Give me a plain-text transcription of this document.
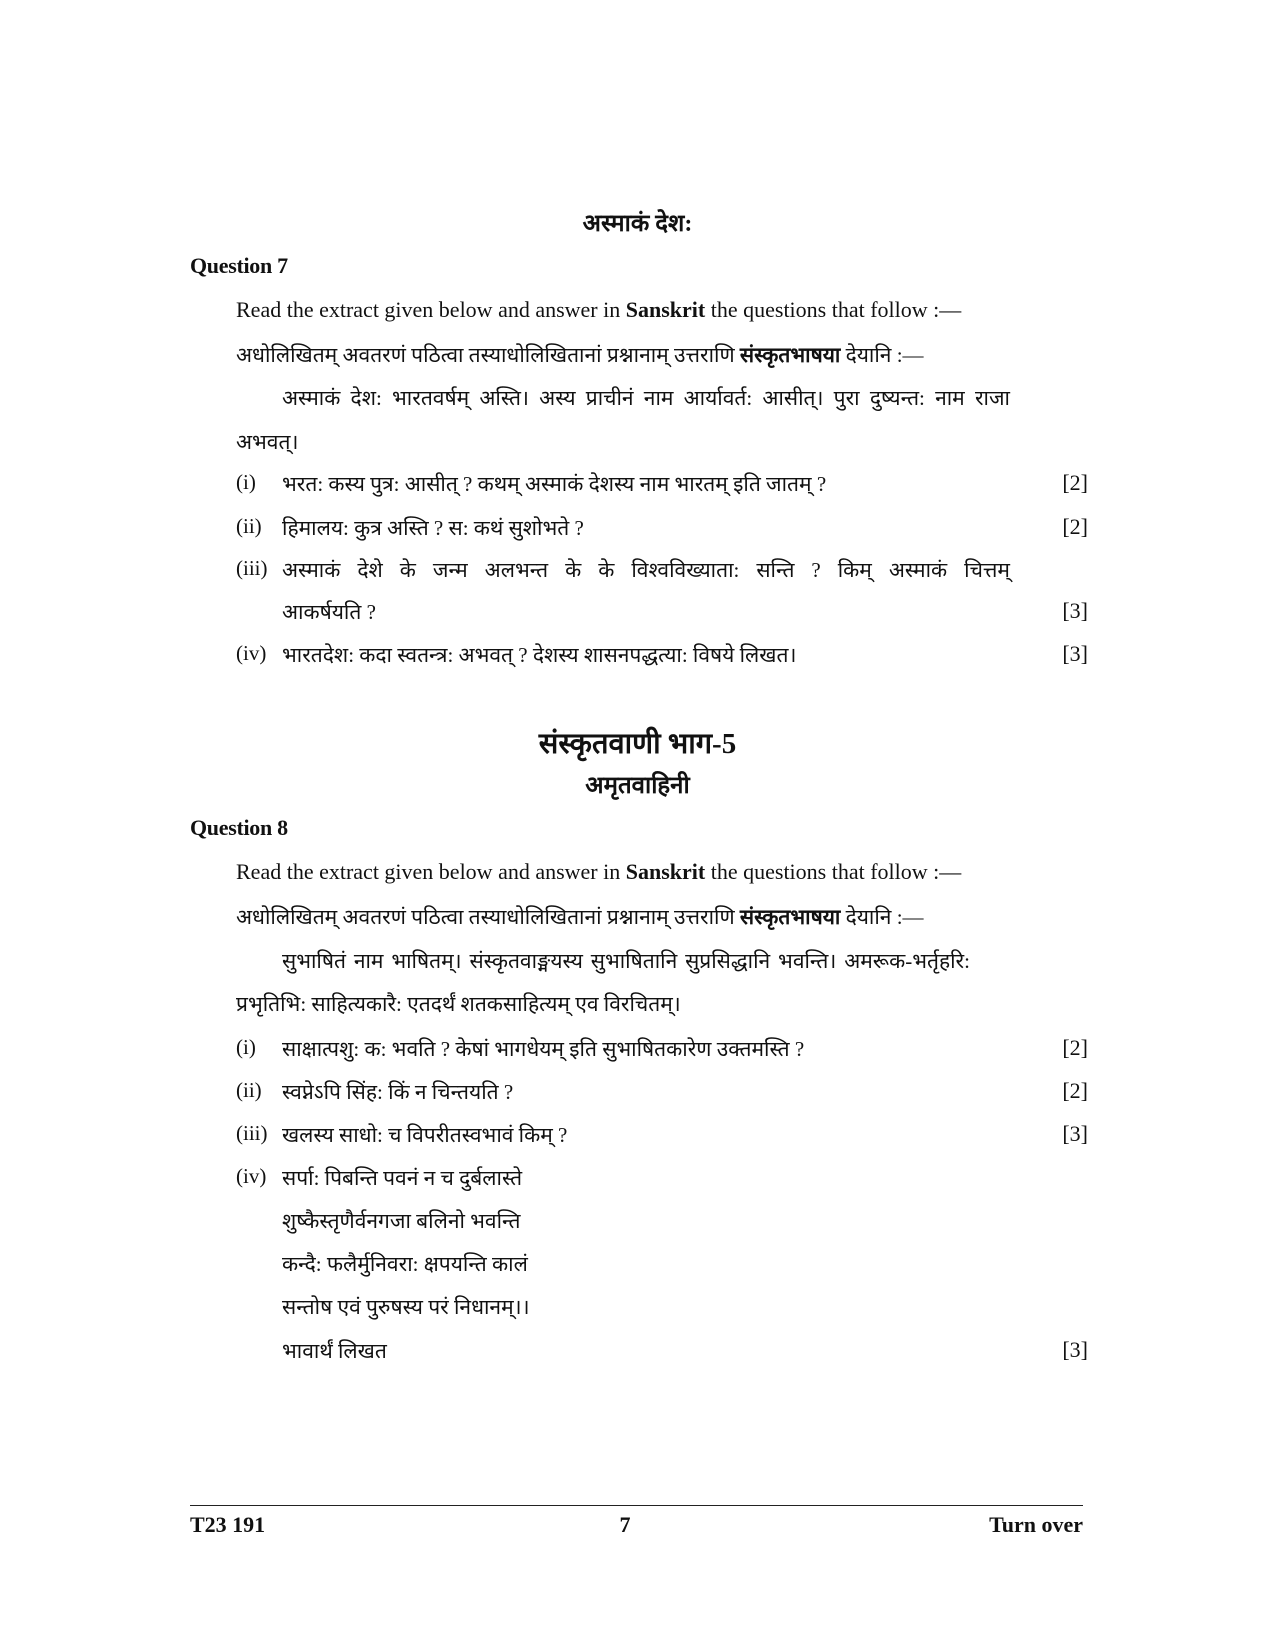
अस्माकं देश:
Question 7
Read the extract given below and answer in Sanskrit the questions that follow :—
अधोलिखितम् अवतरणं पठित्वा तस्याधोलिखितानां प्रश्नानाम् उत्तराणि संस्कृतभाषया देयानि :—
अस्माकं देश: भारतवर्षम् अस्ति। अस्य प्राचीनं नाम आर्यावर्त: आसीत्। पुरा दुष्यन्त: नाम राजा
अभवत्।
(i) भरत: कस्य पुत्र: आसीत् ? कथम् अस्माकं देशस्य नाम भारतम् इति जातम् ?	[2]
(ii) हिमालय: कुत्र अस्ति ? स: कथं सुशोभते ?	[2]
(iii) अस्माकं देशे के जन्म अलभन्त के के विश्वविख्याता: सन्ति ? किम् अस्माकं चित्तम्
आकर्षयति ?	[3]
(iv) भारतदेश: कदा स्वतन्त्र: अभवत् ? देशस्य शासनपद्धत्या: विषये लिखत।	[3]
संस्कृतवाणी भाग-5
अमृतवाहिनी
Question 8
Read the extract given below and answer in Sanskrit the questions that follow :—
अधोलिखितम् अवतरणं पठित्वा तस्याधोलिखितानां प्रश्नानाम् उत्तराणि संस्कृतभाषया देयानि :—
सुभाषितं नाम भाषितम्। संस्कृतवाङ्मयस्य सुभाषितानि सुप्रसिद्धानि भवन्ति। अमरूक-भर्तृहरि:
प्रभृतिभि: साहित्यकारै: एतदर्थं शतकसाहित्यम् एव विरचितम्।
(i) साक्षात्पशु: क: भवति ? केषां भागधेयम् इति सुभाषितकारेण उक्तमस्ति ?	[2]
(ii) स्वप्नेऽपि सिंह: किं न चिन्तयति ?	[2]
(iii) खलस्य साधो: च विपरीतस्वभावं किम् ?	[3]
(iv) सर्पा: पिबन्ति पवनं न च दुर्बलास्ते
शुष्कैस्तृणैर्वनगजा बलिनो भवन्ति
कन्दै: फलैर्मुनिवरा: क्षपयन्ति कालं
सन्तोष एवं पुरुषस्य परं निधानम्।।
भावार्थं लिखत	[3]
T23 191	7	Turn over
